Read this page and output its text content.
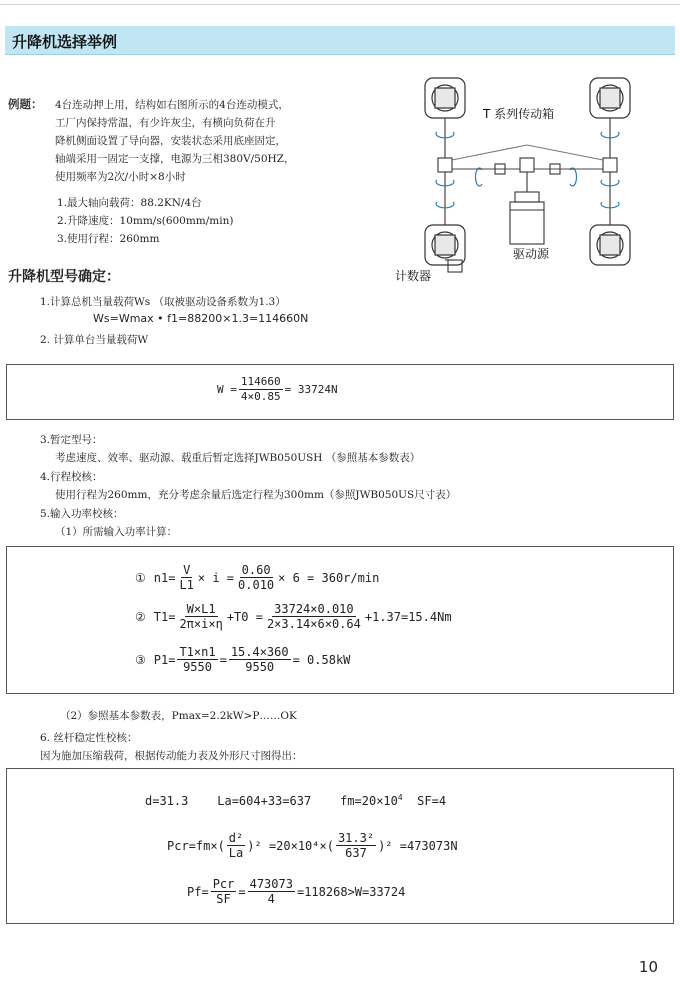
升降机选择举例
例题： 4台连动押上用，结构如右图所示的4台连动模式，
工厂内保持常温，有少许灰尘，有横向负荷在升
降机侧面设置了导向器，安装状态采用底座固定，
轴端采用一固定一支撑，电源为三相380V/50HZ，
使用频率为2次/小时×8小时
1.最大轴向载荷：88.2KN/4台
2.升降速度：10mm/s(600mm/min)
3.使用行程：260mm
T 系列传动箱
驱动源
计数器
升降机型号确定：
1.计算总机当量载荷Ws （取被驱动设备系数为1.3）
Ws=Wmax • f1=88200×1.3=114660N
2. 计算单台当量载荷W
$W = \frac{114660}{4\times 0.85} = 33724N$
3.暂定型号：
考虑速度、效率、驱动源、载重后暂定选择JWB050USH （参照基本参数表）
4.行程校核：
使用行程为260mm，充分考虑余量后选定行程为300mm（参照JWB050US尺寸表）
5.输入功率校核：
（1）所需输入功率计算：
① $n1= \frac{V}{L1} \times i = \frac{0.60}{0.010} \times 6 = 360r/\min$
② $T1= \frac{W\times L1}{2\pi\times i\times\eta} +T0 = \frac{33724\times 0.010}{2\times 3.14\times 6\times 0.64} +1.37=15.4Nm$
③ $P1= \frac{T1\times n1}{9550} = \frac{15.4\times 360}{9550} = 0.58kW$
（2）参照基本参数表，Pmax=2.2kW>P……OK
6. 丝杆稳定性校核：
因为施加压缩载荷，根据传动能力表及外形尺寸图得出：
d=31.3    La=604+33=637    $fm=20\times 10^4$  SF=4
$Pcr=fm\times( \frac{\text{d²}}{La} )^2 =20\times 10^4\times( \frac{\text{31.3²}}{637} )^2 =473073N$
$Pf= \frac{\text{Pcr}}{SF} = \frac{473073}{4} =118268>W=33724$
10
